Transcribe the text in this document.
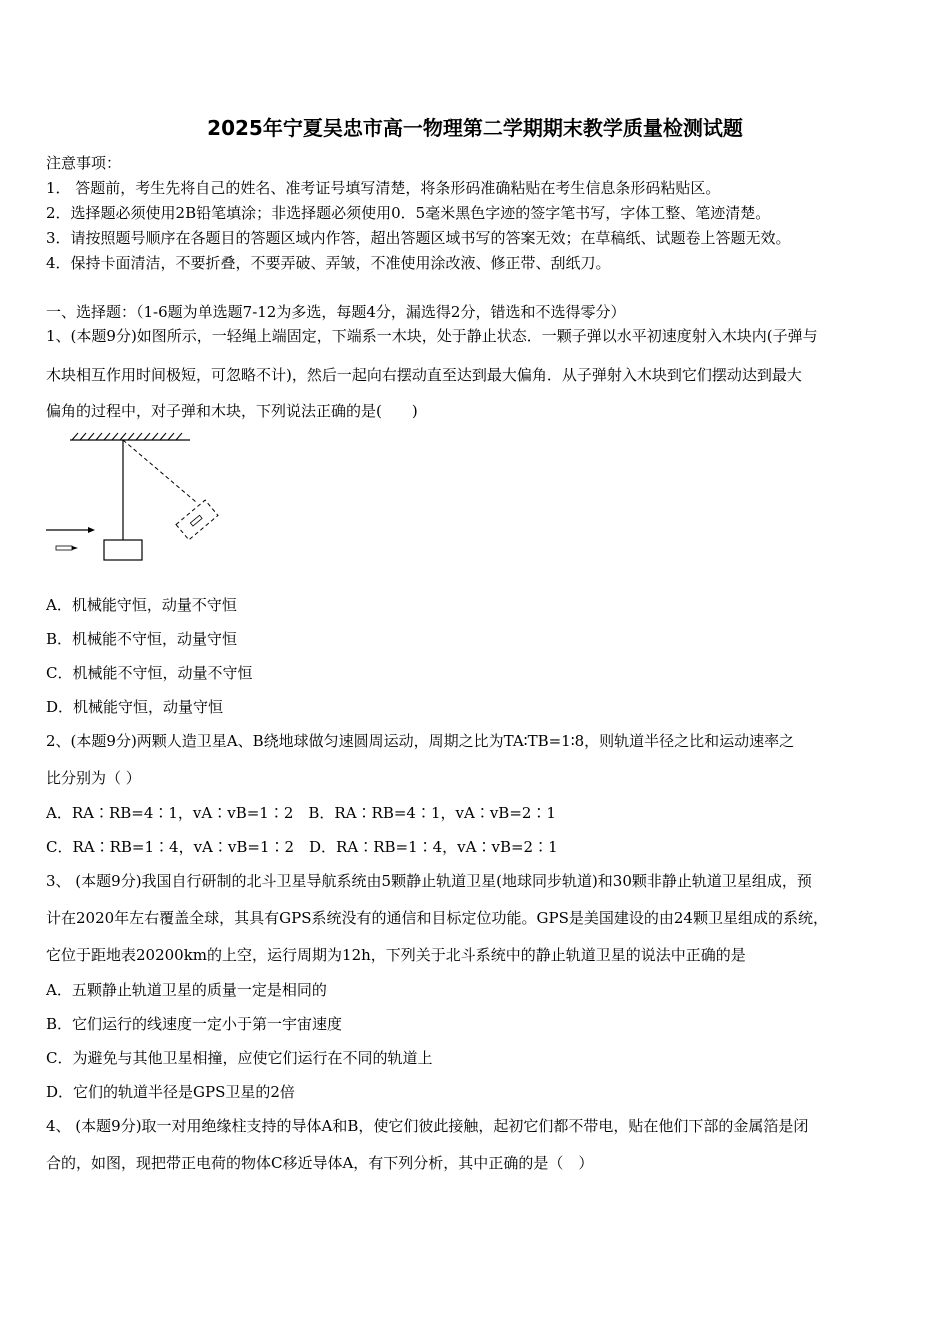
2025年宁夏吴忠市高一物理第二学期期末教学质量检测试题
注意事项：
1． 答题前，考生先将自己的姓名、准考证号填写清楚，将条形码准确粘贴在考生信息条形码粘贴区。
2．选择题必须使用2B铅笔填涂；非选择题必须使用0．5毫米黑色字迹的签字笔书写，字体工整、笔迹清楚。
3．请按照题号顺序在各题目的答题区域内作答，超出答题区域书写的答案无效；在草稿纸、试题卷上答题无效。
4．保持卡面清洁，不要折叠，不要弄破、弄皱，不准使用涂改液、修正带、刮纸刀。
一、选择题：（1-6题为单选题7-12为多选，每题4分，漏选得2分，错选和不选得零分）
1、(本题9分)如图所示，一轻绳上端固定，下端系一木块，处于静止状态．一颗子弹以水平初速度射入木块内(子弹与
木块相互作用时间极短，可忽略不计)，然后一起向右摆动直至达到最大偏角．从子弹射入木块到它们摆动达到最大
偏角的过程中，对子弹和木块，下列说法正确的是(　　)
A．机械能守恒，动量不守恒
B．机械能不守恒，动量守恒
C．机械能不守恒，动量不守恒
D．机械能守恒，动量守恒
2、(本题9分)两颗人造卫星A、B绕地球做匀速圆周运动，周期之比为TA∶TB=1∶8，则轨道半径之比和运动速率之
比分别为（ ）
A．RA∶RB=4∶1，vA∶vB=1∶2　B．RA∶RB=4∶1，vA∶vB=2∶1
C．RA∶RB=1∶4，vA∶vB=1∶2　D．RA∶RB=1∶4，vA∶vB=2∶1
3、 (本题9分)我国自行研制的北斗卫星导航系统由5颗静止轨道卫星(地球同步轨道)和30颗非静止轨道卫星组成，预
计在2020年左右覆盖全球，其具有GPS系统没有的通信和目标定位功能。GPS是美国建设的由24颗卫星组成的系统，
它位于距地表20200km的上空，运行周期为12h，下列关于北斗系统中的静止轨道卫星的说法中正确的是
A．五颗静止轨道卫星的质量一定是相同的
B．它们运行的线速度一定小于第一宇宙速度
C．为避免与其他卫星相撞，应使它们运行在不同的轨道上
D．它们的轨道半径是GPS卫星的2倍
4、 (本题9分)取一对用绝缘柱支持的导体A和B，使它们彼此接触，起初它们都不带电，贴在他们下部的金属箔是闭
合的，如图，现把带正电荷的物体C移近导体A，有下列分析，其中正确的是（　）
